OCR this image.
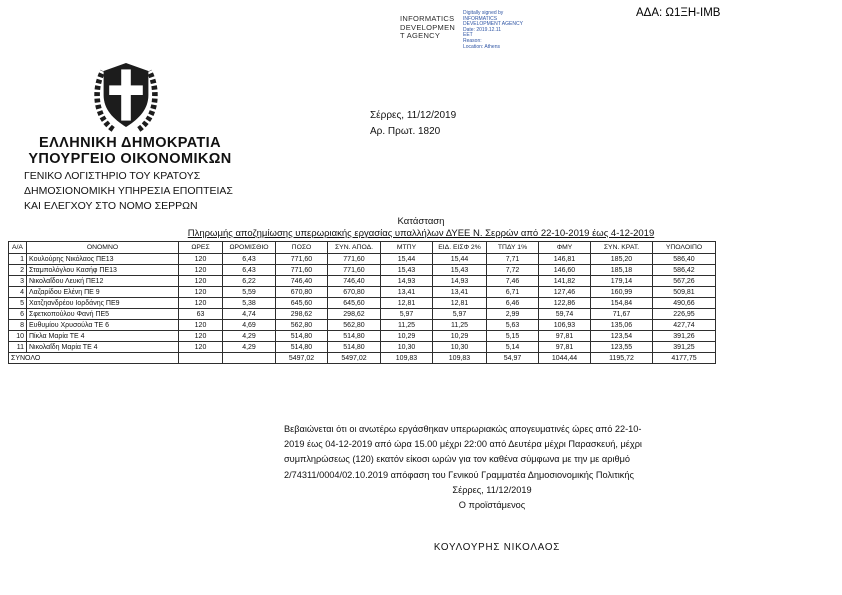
ΑΔΑ: Ω1ΞΗ-ΙΜΒ
INFORMATICS
DEVELOPMEN
T AGENCY
Digitally signed by
INFORMATICS
DEVELOPMENT AGENCY
Date: 2019.12.11
EET
Reason:
Location: Athens
ΕΛΛΗΝΙΚΗ ΔΗΜΟΚΡΑΤΙΑ
ΥΠΟΥΡΓΕΙΟ ΟΙΚΟΝΟΜΙΚΩΝ
ΓΕΝΙΚΟ ΛΟΓΙΣΤΗΡΙΟ ΤΟΥ ΚΡΑΤΟΥΣ
ΔΗΜΟΣΙΟΝΟΜΙΚΗ ΥΠΗΡΕΣΙΑ ΕΠΟΠΤΕΙΑΣ
ΚΑΙ ΕΛΕΓΧΟΥ ΣΤΟ ΝΟΜΟ ΣΕΡΡΩΝ
Σέρρες, 11/12/2019
Αρ. Πρωτ. 1820
Κατάσταση
Πληρωμής αποζημίωσης υπερωριακής εργασίας υπαλλήλων ΔΥΕΕ Ν. Σερρών από 22-10-2019 έως 4-12-2019
Α/Α	ΟΝΟΜΝΟ	ΩΡΕΣ	ΩΡΟΜΙΣΘΙΟ	ΠΟΣΟ	ΣΥΝ. ΑΠΟΔ.	ΜΤΠΥ	ΕΙΔ. ΕΙΣΦ 2%	ΤΠΔΥ 1%	ΦΜΥ	ΣΥΝ. ΚΡΑΤ.	ΥΠΟΛΟΙΠΟ
1	Κουλούρης Νικόλαος ΠΕ13	120	6,43	771,60	771,60	15,44	15,44	7,71	146,81	185,20	586,40
2	Σταμπολόγλου Κασήφ ΠΕ13	120	6,43	771,60	771,60	15,43	15,43	7,72	146,60	185,18	586,42
3	Νικολαΐδου Λευκή ΠΕ12	120	6,22	746,40	746,40	14,93	14,93	7,46	141,82	179,14	567,26
4	Λαζαρίδου Ελένη ΠΕ 9	120	5,59	670,80	670,80	13,41	13,41	6,71	127,46	160,99	509,81
5	Χατζηανδρέου Ιορδάνης ΠΕ9	120	5,38	645,60	645,60	12,81	12,81	6,46	122,86	154,84	490,66
6	Σφετκοπούλου Φανή ΠΕ5	63	4,74	298,62	298,62	5,97	5,97	2,99	59,74	71,67	226,95
8	Ευθυμίου Χρυσούλα ΤΕ 6	120	4,69	562,80	562,80	11,25	11,25	5,63	106,93	135,06	427,74
10	Πίκλα Μαρία ΤΕ 4	120	4,29	514,80	514,80	10,29	10,29	5,15	97,81	123,54	391,26
11	Νικολαΐδη Μαρία ΤΕ 4	120	4,29	514,80	514,80	10,30	10,30	5,14	97,81	123,55	391,25
ΣΥΝΟΛΟ				5497,02	5497,02	109,83	109,83	54,97	1044,44	1195,72	4177,75
Βεβαιώνεται ότι οι ανωτέρω εργάσθηκαν υπερωριακώς απογευματινές ώρες από 22-10-
2019 έως 04-12-2019 από ώρα 15.00 μέχρι 22:00 από Δευτέρα μέχρι Παρασκευή, μέχρι
συμπληρώσεως (120) εκατόν είκοσι ωρών για τον καθένα σύμφωνα με την με αριθμό
2/74311/0004/02.10.2019 απόφαση του Γενικού Γραμματέα Δημοσιονομικής Πολιτικής
Σέρρες, 11/12/2019
Ο προϊστάμενος
ΚΟΥΛΟΥΡΗΣ ΝΙΚΟΛΑΟΣ
